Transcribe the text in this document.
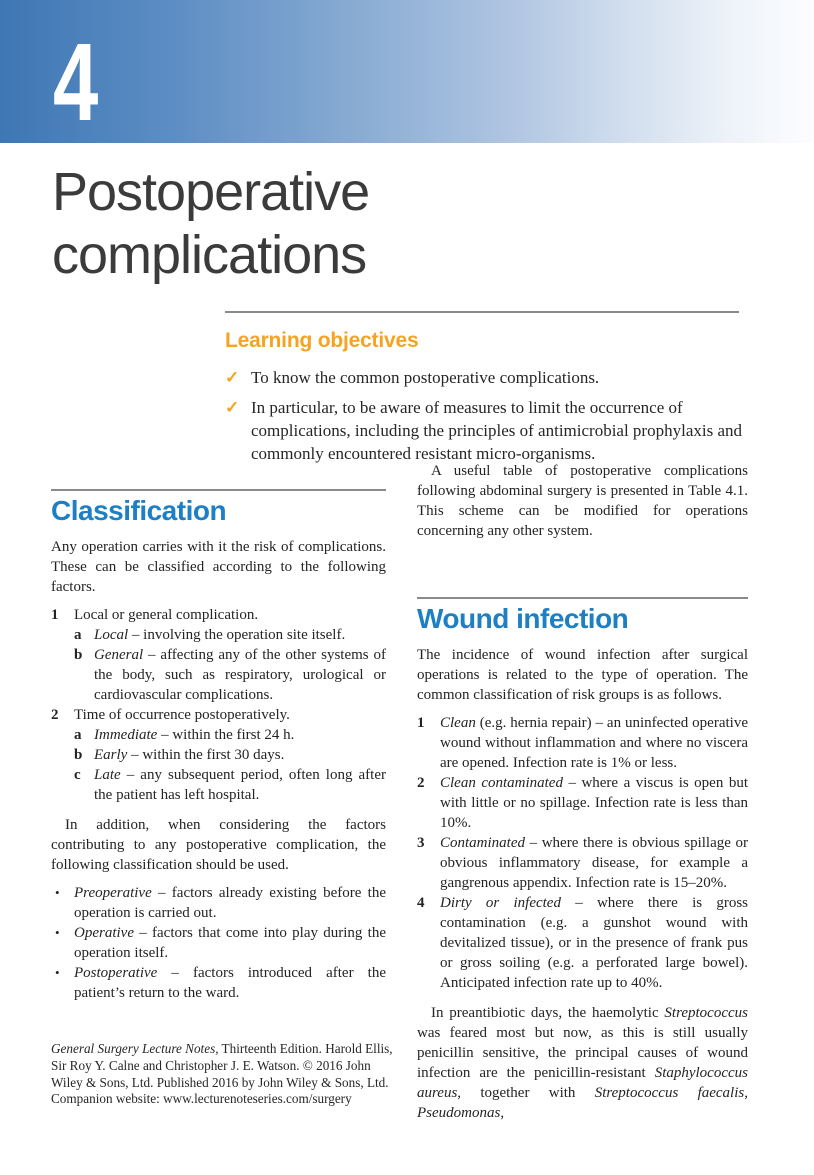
4
Postoperative
complications
Learning objectives
✓ To know the common postoperative complications.
✓ In particular, to be aware of measures to limit the occurrence of complications, including the principles of antimicrobial prophylaxis and commonly encountered resistant micro-organisms.
Classification

Any operation carries with it the risk of complications. These can be classified according to the following factors.

1	Local or general complication.
a Local – involving the operation site itself.
b General – affecting any of the other systems of the body, such as respiratory, urological or cardiovascular complications.
2	Time of occurrence postoperatively.
a Immediate – within the first 24 h.
b Early – within the first 30 days.
c Late – any subsequent period, often long after the patient has left hospital.

In addition, when considering the factors contributing to any postoperative complication, the following classification should be used.

• Preoperative – factors already existing before the operation is carried out.
• Operative – factors that come into play during the operation itself.
• Postoperative – factors introduced after the patient’s return to the ward.

A useful table of postoperative complications following abdominal surgery is presented in Table 4.1. This scheme can be modified for operations concerning any other system.

Wound infection

The incidence of wound infection after surgical operations is related to the type of operation. The common classification of risk groups is as follows.

1	Clean (e.g. hernia repair) – an uninfected operative wound without inflammation and where no viscera are opened. Infection rate is 1% or less.
2	Clean contaminated – where a viscus is open but with little or no spillage. Infection rate is less than 10%.
3	Contaminated – where there is obvious spillage or obvious inflammatory disease, for example a gangrenous appendix. Infection rate is 15–20%.
4	Dirty or infected – where there is gross contamination (e.g. a gunshot wound with devitalized tissue), or in the presence of frank pus or gross soiling (e.g. a perforated large bowel). Anticipated infection rate up to 40%.

In preantibiotic days, the haemolytic Streptococcus was feared most but now, as this is still usually penicillin sensitive, the principal causes of wound infection are the penicillin-resistant Staphylococcus aureus, together with Streptococcus faecalis, Pseudomonas,

General Surgery Lecture Notes, Thirteenth Edition. Harold Ellis, Sir Roy Y. Calne and Christopher J. E. Watson. © 2016 John Wiley & Sons, Ltd. Published 2016 by John Wiley & Sons, Ltd.
Companion website: www.lecturenoteseries.com/surgery
